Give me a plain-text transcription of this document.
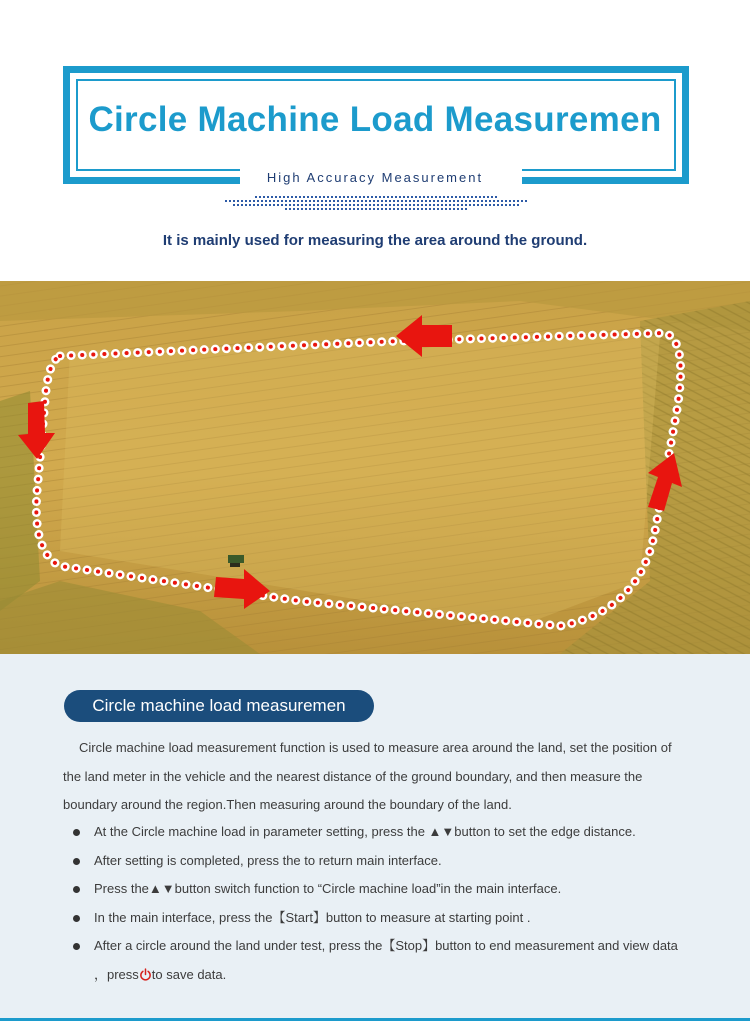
Circle Machine Load Measuremen
High Accuracy Measurement
It is mainly used for measuring the area around the ground.
Circle machine load measuremen

Circle machine load measurement function is used to measure area around the land, set the position of the land meter in the vehicle and the nearest distance of the ground boundary, and then measure the boundary around the region.Then measuring around the boundary of the land.

At the Circle machine load in parameter setting, press the ▲▼button to set the edge distance.
After setting is completed, press the to return main interface.
Press the▲▼button switch function to “Circle machine load”in the main interface.
In the main interface, press the【Start】button to measure at starting point .
After a circle around the land under test, press the【Stop】button to end measurement and view data
，press to save data.
